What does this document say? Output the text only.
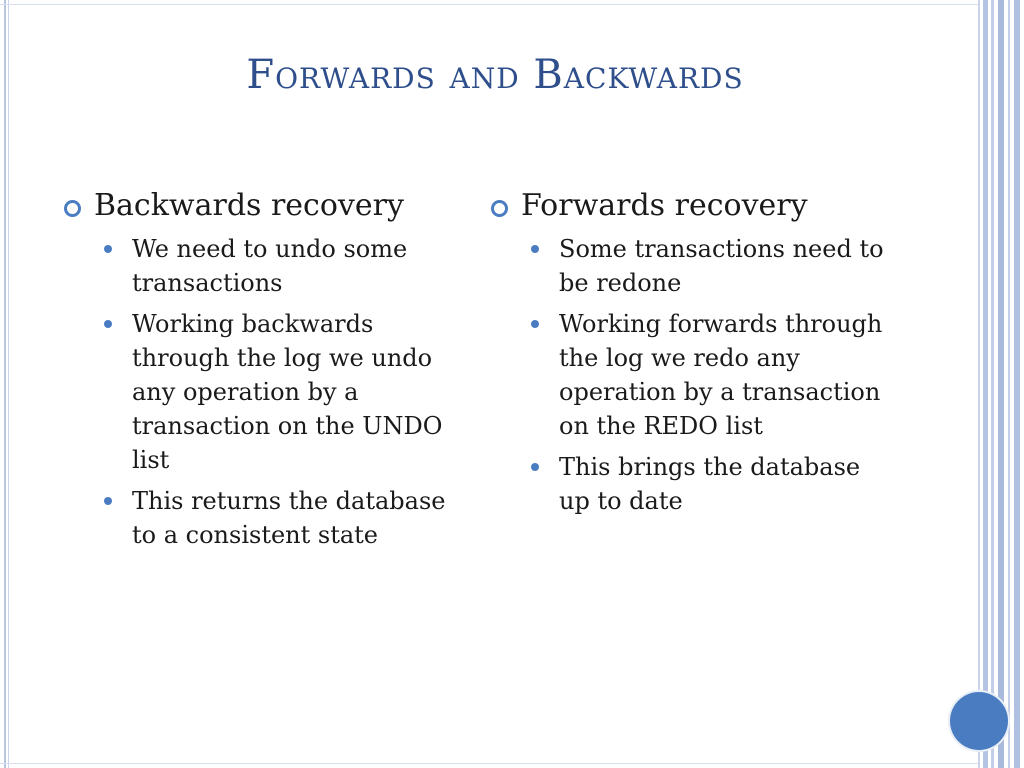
Forwards and Backwards
Backwards recovery
We need to undo some transactions
Working backwards through the log we undo any operation by a transaction on the UNDO list
This returns the database to a consistent state
Forwards recovery
Some transactions need to be redone
Working forwards through the log we redo any operation by a transaction on the REDO list
This brings the database up to date
